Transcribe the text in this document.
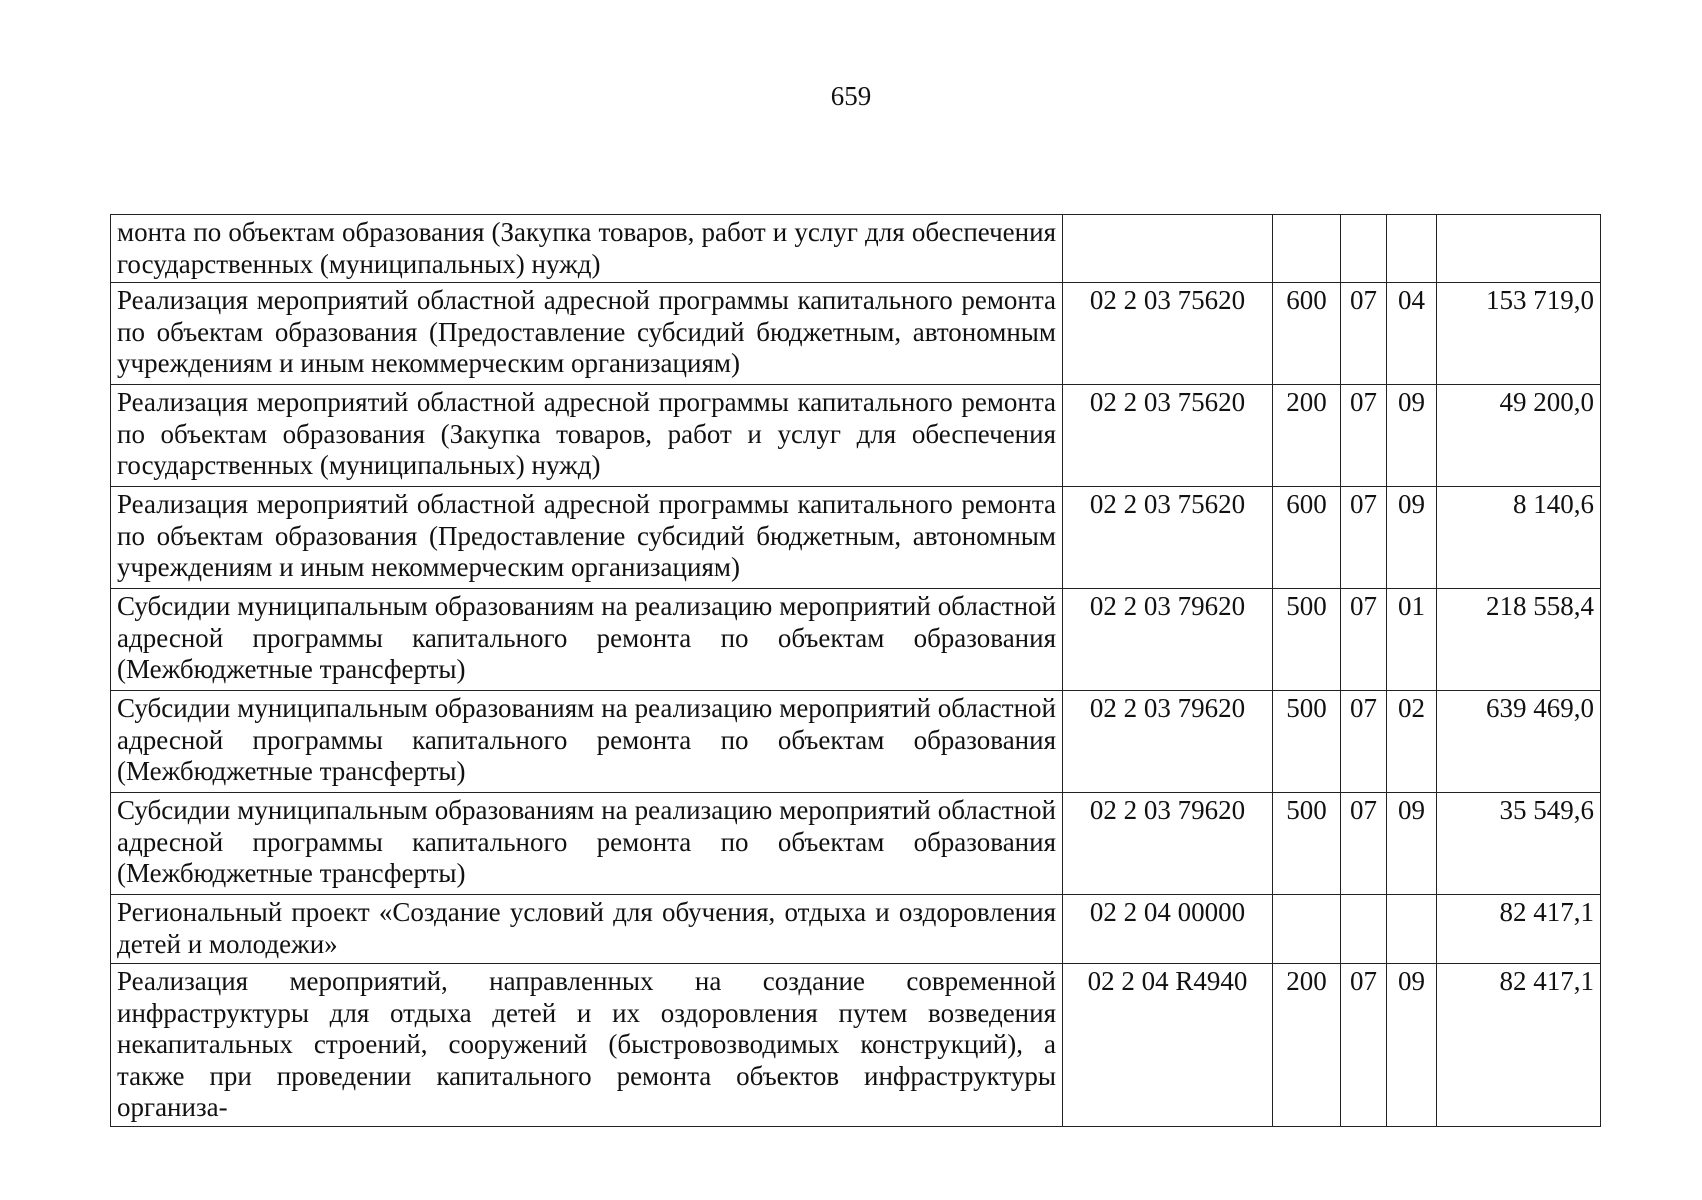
659
монта по объектам образования (Закупка товаров, работ и услуг для обеспечения государственных (муниципальных) нужд)					
Реализация мероприятий областной адресной программы капитального ремонта по объектам образования (Предоставление субсидий бюджетным, автономным учреждениям и иным некоммерческим организациям)	02 2 03 75620	600	07	04	153 719,0
Реализация мероприятий областной адресной программы капитального ремонта по объектам образования (Закупка товаров, работ и услуг для обеспечения государственных (муниципальных) нужд)	02 2 03 75620	200	07	09	49 200,0
Реализация мероприятий областной адресной программы капитального ремонта по объектам образования (Предоставление субсидий бюджетным, автономным учреждениям и иным некоммерческим организациям)	02 2 03 75620	600	07	09	8 140,6
Субсидии муниципальным образованиям на реализацию мероприятий областной адресной программы капитального ремонта по объектам образования (Межбюджетные трансферты)	02 2 03 79620	500	07	01	218 558,4
Субсидии муниципальным образованиям на реализацию мероприятий областной адресной программы капитального ремонта по объектам образования (Межбюджетные трансферты)	02 2 03 79620	500	07	02	639 469,0
Субсидии муниципальным образованиям на реализацию мероприятий областной адресной программы капитального ремонта по объектам образования (Межбюджетные трансферты)	02 2 03 79620	500	07	09	35 549,6
Региональный проект «Создание условий для обучения, отдыха и оздоровления детей и молодежи»	02 2 04 00000				82 417,1
Реализация мероприятий, направленных на создание современной инфраструктуры для отдыха детей и их оздоровления путем возведения некапитальных строений, сооружений (быстровозводимых конструкций), а также при проведении капитального ремонта объектов инфраструктуры организа-	02 2 04 R4940	200	07	09	82 417,1
